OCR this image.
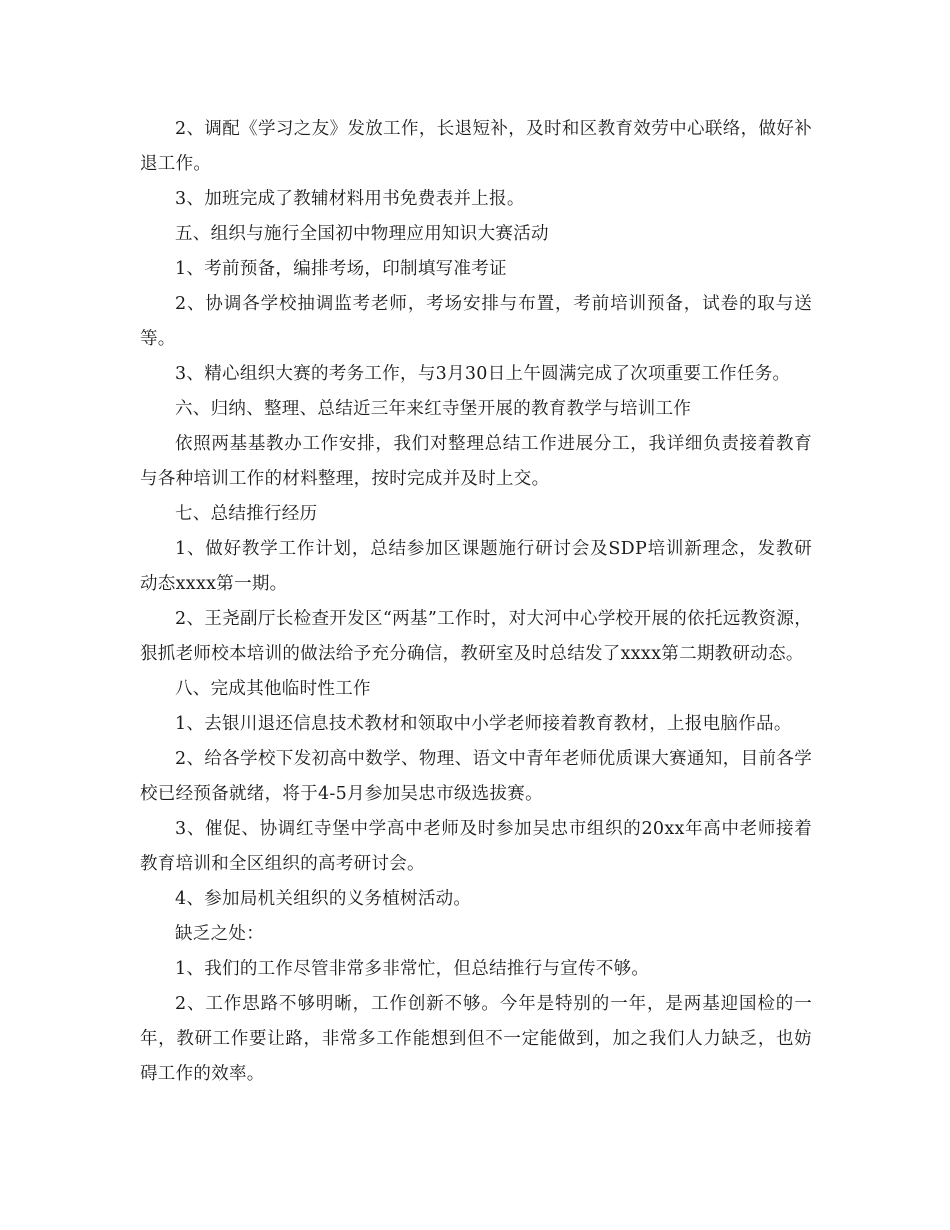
2、调配《学习之友》发放工作，长退短补，及时和区教育效劳中心联络，做好补退工作。

3、加班完成了教辅材料用书免费表并上报。

五、组织与施行全国初中物理应用知识大赛活动

1、考前预备，编排考场，印制填写准考证

2、协调各学校抽调监考老师，考场安排与布置，考前培训预备，试卷的取与送等。

3、精心组织大赛的考务工作，与3月30日上午圆满完成了次项重要工作任务。

六、归纳、整理、总结近三年来红寺堡开展的教育教学与培训工作

依照两基基教办工作安排，我们对整理总结工作进展分工，我详细负责接着教育与各种培训工作的材料整理，按时完成并及时上交。

七、总结推行经历

1、做好教学工作计划，总结参加区课题施行研讨会及SDP培训新理念，发教研动态xxxx第一期。

2、王尧副厅长检查开发区“两基”工作时，对大河中心学校开展的依托远教资源，狠抓老师校本培训的做法给予充分确信，教研室及时总结发了xxxx第二期教研动态。

八、完成其他临时性工作

1、去银川退还信息技术教材和领取中小学老师接着教育教材，上报电脑作品。

2、给各学校下发初高中数学、物理、语文中青年老师优质课大赛通知，目前各学校已经预备就绪，将于4-5月参加吴忠市级选拔赛。

3、催促、协调红寺堡中学高中老师及时参加吴忠市组织的20xx年高中老师接着教育培训和全区组织的高考研讨会。

4、参加局机关组织的义务植树活动。

缺乏之处：

1、我们的工作尽管非常多非常忙，但总结推行与宣传不够。

2、工作思路不够明晰，工作创新不够。今年是特别的一年，是两基迎国检的一年，教研工作要让路，非常多工作能想到但不一定能做到，加之我们人力缺乏，也妨碍工作的效率。
